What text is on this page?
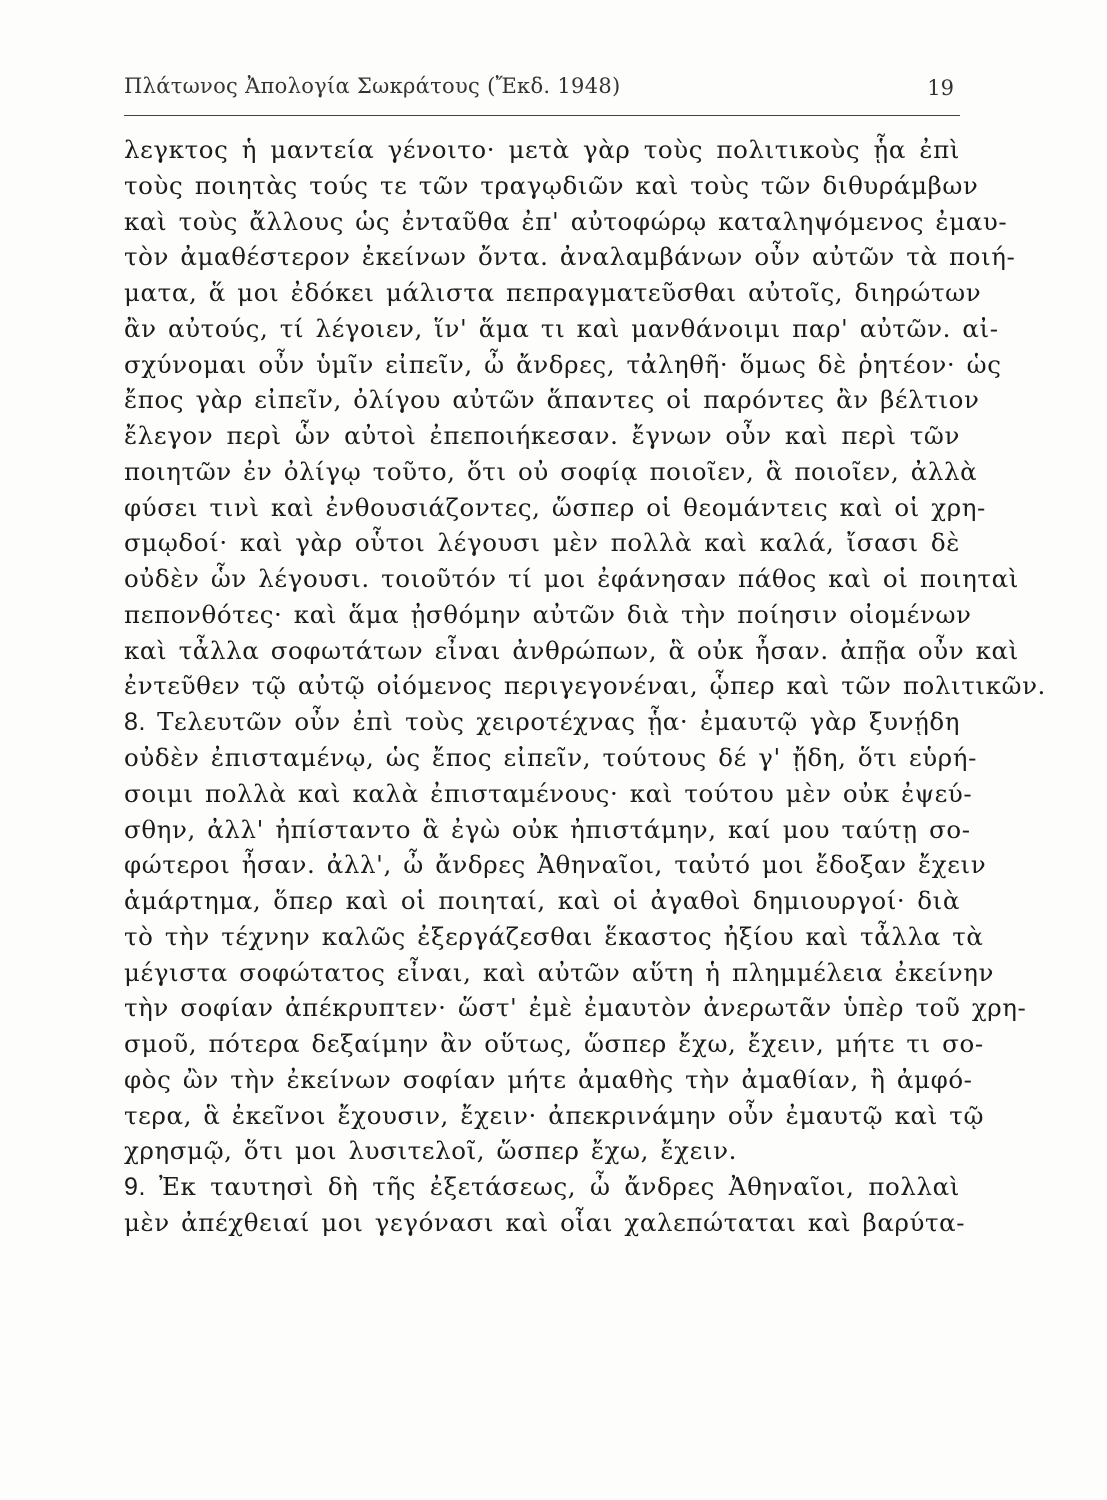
Πλάτωνος Ἀπολογία Σωκράτους (Ἔκδ. 1948)	19
λεγκτος ἡ μαντεία γένοιτο· μετὰ γὰρ τοὺς πολιτικοὺς ᾗα ἐπὶ
τοὺς ποιητὰς τούς τε τῶν τραγῳδιῶν καὶ τοὺς τῶν διθυράμβων
καὶ τοὺς ἄλλους ὡς ἐνταῦθα ἐπ' αὐτοφώρῳ καταληψόμενος ἐμαυ-
τὸν ἀμαθέστερον ἐκείνων ὄντα. ἀναλαμβάνων οὖν αὐτῶν τὰ ποιή-
ματα, ἅ μοι ἐδόκει μάλιστα πεπραγματεῦσθαι αὐτοῖς, διηρώτων
ἂν αὐτούς, τί λέγοιεν, ἵν' ἅμα τι καὶ μανθάνοιμι παρ' αὐτῶν. αἰ-
σχύνομαι οὖν ὑμῖν εἰπεῖν, ὦ ἄνδρες, τἀληθῆ· ὅμως δὲ ῥητέον· ὡς
ἔπος γὰρ εἰπεῖν, ὀλίγου αὐτῶν ἅπαντες οἱ παρόντες ἂν βέλτιον
ἔλεγον περὶ ὧν αὐτοὶ ἐπεποιήκεσαν. ἔγνων οὖν καὶ περὶ τῶν
ποιητῶν ἐν ὀλίγῳ τοῦτο, ὅτι οὐ σοφίᾳ ποιοῖεν, ἃ ποιοῖεν, ἀλλὰ
φύσει τινὶ καὶ ἐνθουσιάζοντες, ὥσπερ οἱ θεομάντεις καὶ οἱ χρη-
σμῳδοί· καὶ γὰρ οὗτοι λέγουσι μὲν πολλὰ καὶ καλά, ἴσασι δὲ
οὐδὲν ὧν λέγουσι. τοιοῦτόν τί μοι ἐφάνησαν πάθος καὶ οἱ ποιηταὶ
πεπονθότες· καὶ ἅμα ᾐσθόμην αὐτῶν διὰ τὴν ποίησιν οἰομένων
καὶ τἆλλα σοφωτάτων εἶναι ἀνθρώπων, ἃ οὐκ ἦσαν. ἀπῇα οὖν καὶ
ἐντεῦθεν τῷ αὐτῷ οἰόμενος περιγεγονέναι, ᾧπερ καὶ τῶν πολιτικῶν.
8. Τελευτῶν οὖν ἐπὶ τοὺς χειροτέχνας ᾗα· ἐμαυτῷ γὰρ ξυνῄδη
οὐδὲν ἐπισταμένῳ, ὡς ἔπος εἰπεῖν, τούτους δέ γ' ᾔδη, ὅτι εὑρή-
σοιμι πολλὰ καὶ καλὰ ἐπισταμένους· καὶ τούτου μὲν οὐκ ἐψεύ-
σθην, ἀλλ' ἠπίσταντο ἃ ἐγὼ οὐκ ἠπιστάμην, καί μου ταύτῃ σο-
φώτεροι ἦσαν. ἀλλ', ὦ ἄνδρες Ἀθηναῖοι, ταὐτό μοι ἔδοξαν ἔχειν
ἁμάρτημα, ὅπερ καὶ οἱ ποιηταί, καὶ οἱ ἀγαθοὶ δημιουργοί· διὰ
τὸ τὴν τέχνην καλῶς ἐξεργάζεσθαι ἕκαστος ἠξίου καὶ τἆλλα τὰ
μέγιστα σοφώτατος εἶναι, καὶ αὐτῶν αὕτη ἡ πλημμέλεια ἐκείνην
τὴν σοφίαν ἀπέκρυπτεν· ὥστ' ἐμὲ ἐμαυτὸν ἀνερωτᾶν ὑπὲρ τοῦ χρη-
σμοῦ, πότερα δεξαίμην ἂν οὕτως, ὥσπερ ἔχω, ἔχειν, μήτε τι σο-
φὸς ὢν τὴν ἐκείνων σοφίαν μήτε ἀμαθὴς τὴν ἀμαθίαν, ἢ ἀμφό-
τερα, ἃ ἐκεῖνοι ἔχουσιν, ἔχειν· ἀπεκρινάμην οὖν ἐμαυτῷ καὶ τῷ
χρησμῷ, ὅτι μοι λυσιτελοῖ, ὥσπερ ἔχω, ἔχειν.
9. Ἐκ ταυτησὶ δὴ τῆς ἐξετάσεως, ὦ ἄνδρες Ἀθηναῖοι, πολλαὶ
μὲν ἀπέχθειαί μοι γεγόνασι καὶ οἷαι χαλεπώταται καὶ βαρύτα-
